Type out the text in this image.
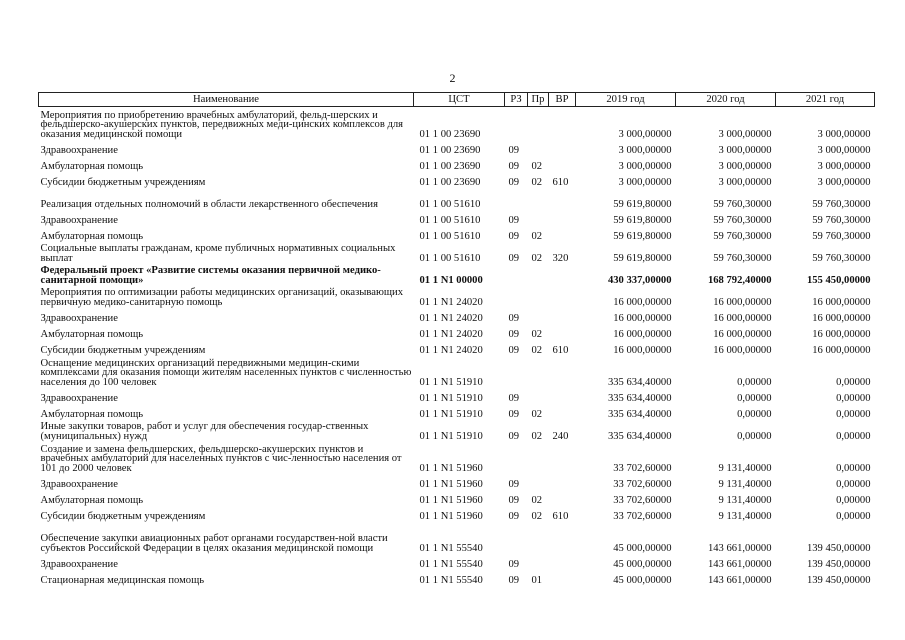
2
Наименование	ЦСТ	РЗ	Пр	ВР	2019 год	2020 год	2021 год
Мероприятия по приобретению врачебных амбулаторий, фельд-шерских и фельдшерско-акушерских пунктов, передвижных меди-цинских комплексов для оказания медицинской помощи	01 1 00 23690				3 000,00000	3 000,00000	3 000,00000
Здравоохранение	01 1 00 23690	09			3 000,00000	3 000,00000	3 000,00000
Амбулаторная помощь	01 1 00 23690	09	02		3 000,00000	3 000,00000	3 000,00000
Субсидии бюджетным учреждениям	01 1 00 23690	09	02	610	3 000,00000	3 000,00000	3 000,00000
Реализация отдельных полномочий в области лекарственного обеспечения	01 1 00 51610				59 619,80000	59 760,30000	59 760,30000
Здравоохранение	01 1 00 51610	09			59 619,80000	59 760,30000	59 760,30000
Амбулаторная помощь	01 1 00 51610	09	02		59 619,80000	59 760,30000	59 760,30000
Социальные выплаты гражданам, кроме публичных нормативных социальных выплат	01 1 00 51610	09	02	320	59 619,80000	59 760,30000	59 760,30000
Федеральный проект «Развитие системы оказания первичной медико-санитарной помощи»	01 1 N1 00000				430 337,00000	168 792,40000	155 450,00000
Мероприятия по оптимизации работы медицинских организаций, оказывающих первичную медико-санитарную помощь	01 1 N1 24020				16 000,00000	16 000,00000	16 000,00000
Здравоохранение	01 1 N1 24020	09			16 000,00000	16 000,00000	16 000,00000
Амбулаторная помощь	01 1 N1 24020	09	02		16 000,00000	16 000,00000	16 000,00000
Субсидии бюджетным учреждениям	01 1 N1 24020	09	02	610	16 000,00000	16 000,00000	16 000,00000
Оснащение медицинских организаций передвижными медицин-скими комплексами для оказания помощи жителям населенных пунктов с численностью населения до 100 человек	01 1 N1 51910				335 634,40000	0,00000	0,00000
Здравоохранение	01 1 N1 51910	09			335 634,40000	0,00000	0,00000
Амбулаторная помощь	01 1 N1 51910	09	02		335 634,40000	0,00000	0,00000
Иные закупки товаров, работ и услуг для обеспечения государ-ственных (муниципальных) нужд	01 1 N1 51910	09	02	240	335 634,40000	0,00000	0,00000
Создание и замена фельдшерских, фельдшерско-акушерских пунктов и врачебных амбулаторий для населенных пунктов с чис-ленностью населения от 101 до 2000 человек	01 1 N1 51960				33 702,60000	9 131,40000	0,00000
Здравоохранение	01 1 N1 51960	09			33 702,60000	9 131,40000	0,00000
Амбулаторная помощь	01 1 N1 51960	09	02		33 702,60000	9 131,40000	0,00000
Субсидии бюджетным учреждениям	01 1 N1 51960	09	02	610	33 702,60000	9 131,40000	0,00000
Обеспечение закупки авиационных работ органами государствен-ной власти субъектов Российской Федерации в целях оказания медицинской помощи	01 1 N1 55540				45 000,00000	143 661,00000	139 450,00000
Здравоохранение	01 1 N1 55540	09			45 000,00000	143 661,00000	139 450,00000
Стационарная медицинская помощь	01 1 N1 55540	09	01		45 000,00000	143 661,00000	139 450,00000
